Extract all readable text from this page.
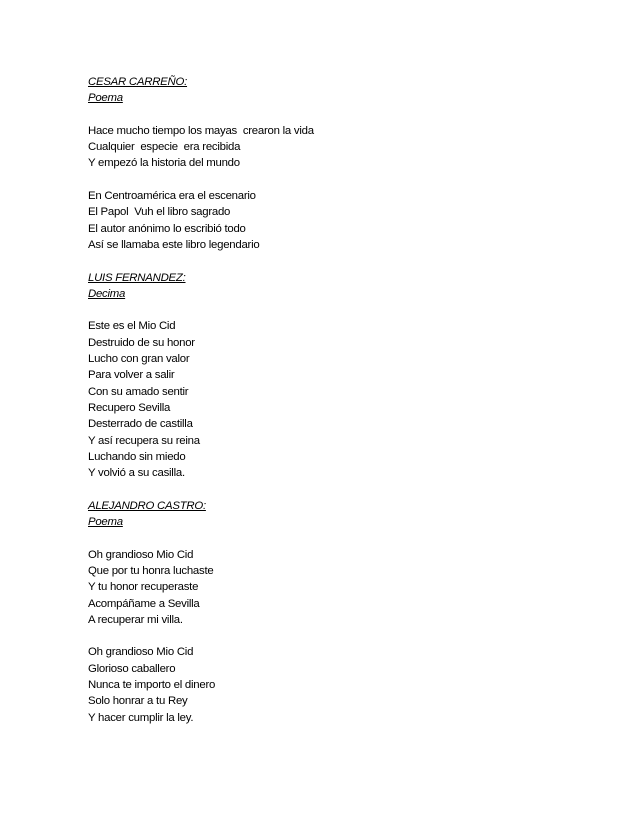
CESAR CARREÑO:
Poema
Hace mucho tiempo los mayas  crearon la vida
Cualquier  especie  era recibida
Y empezó la historia del mundo
En Centroamérica era el escenario
El Papol  Vuh el libro sagrado
El autor anónimo lo escribió todo
Así se llamaba este libro legendario
LUIS FERNANDEZ:
Decima
Este es el Mio Cid
Destruido de su honor
Lucho con gran valor
Para volver a salir
Con su amado sentir
Recupero Sevilla
Desterrado de castilla
Y así recupera su reina
Luchando sin miedo
Y volvió a su casilla.
ALEJANDRO CASTRO:
Poema
Oh grandioso Mio Cid
Que por tu honra luchaste
Y tu honor recuperaste
Acompáñame a Sevilla
A recuperar mi villa.
Oh grandioso Mio Cid
Glorioso caballero
Nunca te importo el dinero
Solo honrar a tu Rey
Y hacer cumplir la ley.
